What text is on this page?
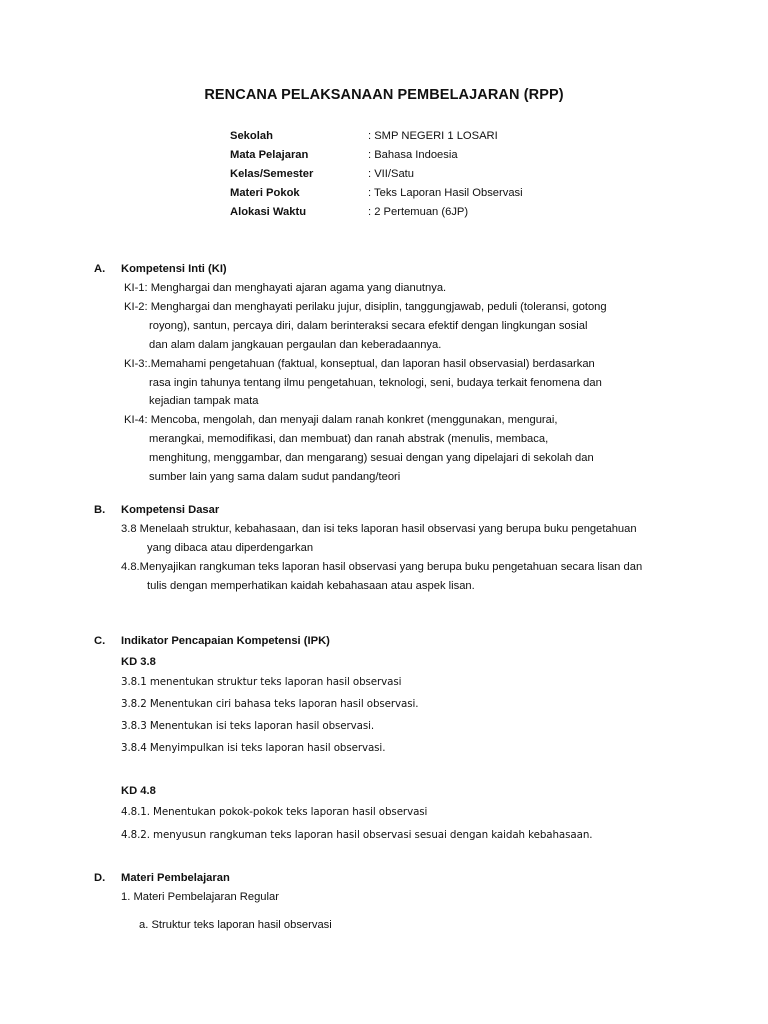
RENCANA PELAKSANAAN PEMBELAJARAN (RPP)
Sekolah	: SMP NEGERI 1 LOSARI
Mata Pelajaran	: Bahasa Indoesia
Kelas/Semester	: VII/Satu
Materi Pokok	: Teks Laporan Hasil Observasi
Alokasi Waktu	: 2 Pertemuan (6JP)
A. Kompetensi Inti (KI)
KI-1: Menghargai dan menghayati ajaran agama yang dianutnya.
KI-2: Menghargai dan menghayati perilaku jujur, disiplin, tanggungjawab, peduli (toleransi, gotong
royong), santun, percaya diri, dalam berinteraksi secara efektif dengan lingkungan sosial
dan alam dalam jangkauan pergaulan dan keberadaannya.
KI-3:.Memahami pengetahuan (faktual, konseptual, dan laporan hasil observasial) berdasarkan
rasa ingin tahunya tentang ilmu pengetahuan, teknologi, seni, budaya terkait fenomena dan
kejadian tampak mata
KI-4: Mencoba, mengolah, dan menyaji dalam ranah konkret (menggunakan, mengurai,
merangkai, memodifikasi, dan membuat) dan ranah abstrak (menulis, membaca,
menghitung, menggambar, dan mengarang) sesuai dengan yang dipelajari di sekolah dan
sumber lain yang sama dalam sudut pandang/teori
B. Kompetensi Dasar
3.8 Menelaah struktur, kebahasaan, dan isi teks laporan hasil observasi yang berupa buku pengetahuan
yang dibaca atau diperdengarkan
4.8.Menyajikan rangkuman teks laporan hasil observasi yang berupa buku pengetahuan secara lisan dan
tulis dengan memperhatikan kaidah kebahasaan atau aspek lisan.
C. Indikator Pencapaian Kompetensi (IPK)
KD 3.8
3.8.1 menentukan struktur teks laporan hasil observasi
3.8.2 Menentukan ciri bahasa teks laporan hasil observasi.
3.8.3 Menentukan isi teks laporan hasil observasi.
3.8.4 Menyimpulkan isi teks laporan hasil observasi.
KD 4.8
4.8.1. Menentukan pokok-pokok teks laporan hasil observasi
4.8.2. menyusun rangkuman teks laporan hasil observasi sesuai dengan kaidah kebahasaan.
D. Materi Pembelajaran
1. Materi Pembelajaran Regular
a. Struktur teks laporan hasil observasi
